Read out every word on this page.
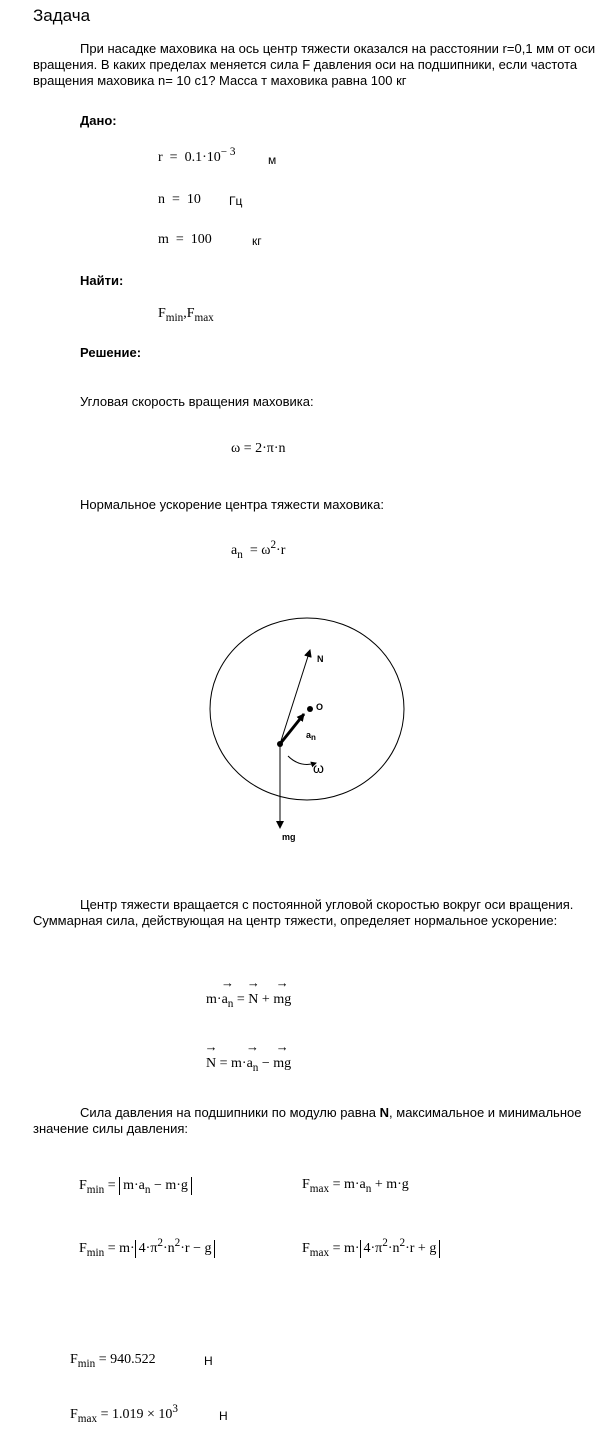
Задача
При насадке маховика на ось центр тяжести оказался на расстоянии r=0,1 мм от оси вращения. В каких пределах меняется сила F давления оси на подшипники, если частота вращения маховика n= 10 с1? Масса т маховика равна 100 кг
Дано:
$r = 0.1\cdot 10^{- 3}$
м
n = 10 Гц
m = 100	кг
Найти:
$F_{min},F_{max}$
Решение:
Угловая скорость вращения маховика:
ω = 2·π·n
Нормальное ускорение центра тяжести маховика:
$a_n = \omega^2\cdot r$
N
O
an
ω
mg
Центр тяжести вращается с постоянной угловой скоростью вокруг оси вращения. Суммарная сила, действующая на центр тяжести, определяет нормальное ускорение:
$m\cdot\to a_n$ = → N + → mg
→ $N = m\cdot\to a_n$ − → mg
Сила давления на подшипники по модулю равна N, максимальное и минимальное значение силы давления:
$F_{min} = m\cdot a_n - m\cdot g$	$F_{max} = m\cdot a_n + m\cdot g$
$F_{min} = m\cdot 4\cdot\pi^2\cdot n^2\cdot r - g$	$F_{max} = m\cdot 4\cdot\pi^2\cdot n^2\cdot r + g$
$F_{min} = 940.522$	Н
$F_{max} = 1.019 \times 10^3$
Н
